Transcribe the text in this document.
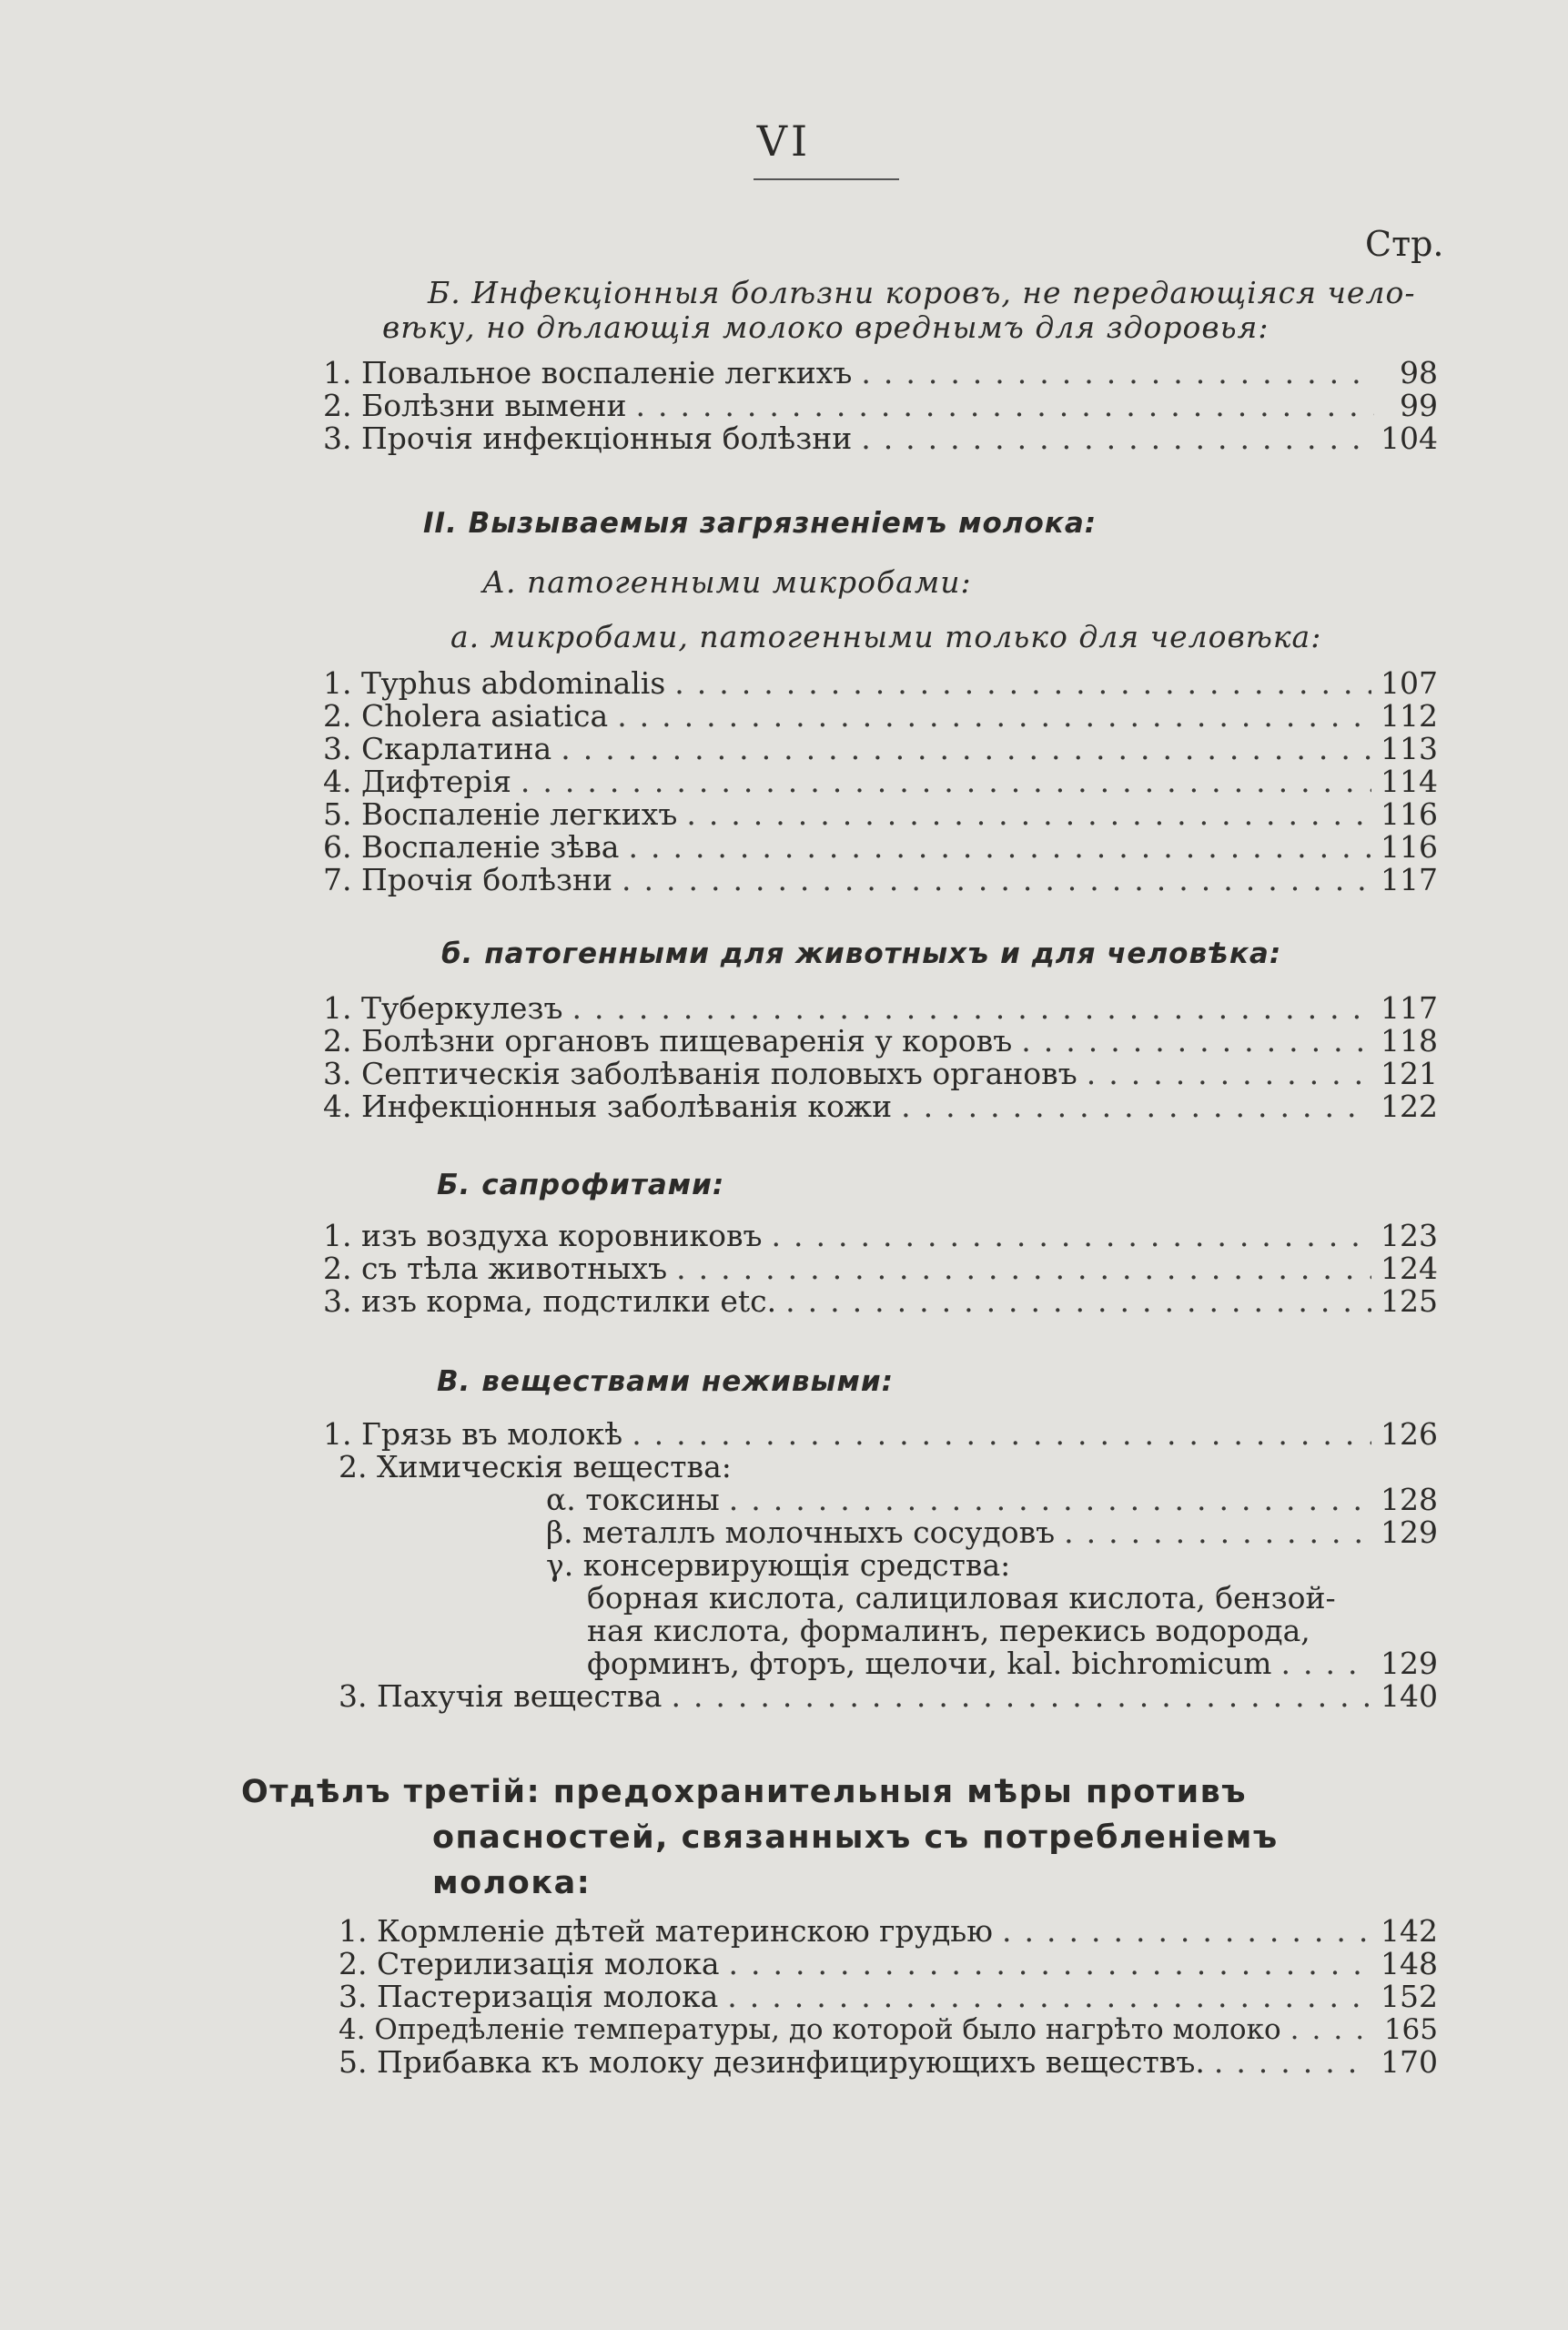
VI
Стр.
Б. Инфекціонныя болѣзни коровъ, не передающіяся чело-
вѣку, но дѣлающія молоко вреднымъ для здоровья:
1. Повальное воспаленіе легкихъ .....	98
2. Болѣзни вымени .....	99
3. Прочія инфекціонныя болѣзни .....	104
II. Вызываемыя загрязненіемъ молока:
А. патогенными микробами:
а. микробами, патогенными только для человѣка:
1. Typhus abdominalis .....	107
2. Cholera asiatica .....	112
3. Скарлатина .....	113
4. Дифтерія .....	114
5. Воспаленіе легкихъ .....	116
6. Воспаленіе зѣва .....	116
7. Прочія болѣзни .....	117
б. патогенными для животныхъ и для человѣка:
1. Туберкулезъ .....	117
2. Болѣзни органовъ пищеваренія у коровъ .....	118
3. Септическія заболѣванія половыхъ органовъ .....	121
4. Инфекціонныя заболѣванія кожи .....	122
Б. сапрофитами:
1. изъ воздуха коровниковъ .....	123
2. съ тѣла животныхъ .....	124
3. изъ корма, подстилки etc. .....	125
В. веществами неживыми:
1. Грязь въ молокѣ .....	126
2. Химическія вещества:
α. токсины .....	128
β. металлъ молочныхъ сосудовъ .....	129
γ. консервирующія средства:
борная кислота, салициловая кислота, бензой-
ная кислота, формалинъ, перекись водорода,
форминъ, фторъ, щелочи, kal. bichromicum .....	129
3. Пахучія вещества .....	140
Отдѣлъ третій: предохранительныя мѣры противъ
опасностей, связанныхъ съ потребленіемъ
молока:
1. Кормленіе дѣтей материнскою грудью .....	142
2. Стерилизація молока .....	148
3. Пастеризація молока .....	152
4. Опредѣленіе температуры, до которой было нагрѣто молоко .....	165
5. Прибавка къ молоку дезинфицирующихъ веществъ. .....	170
